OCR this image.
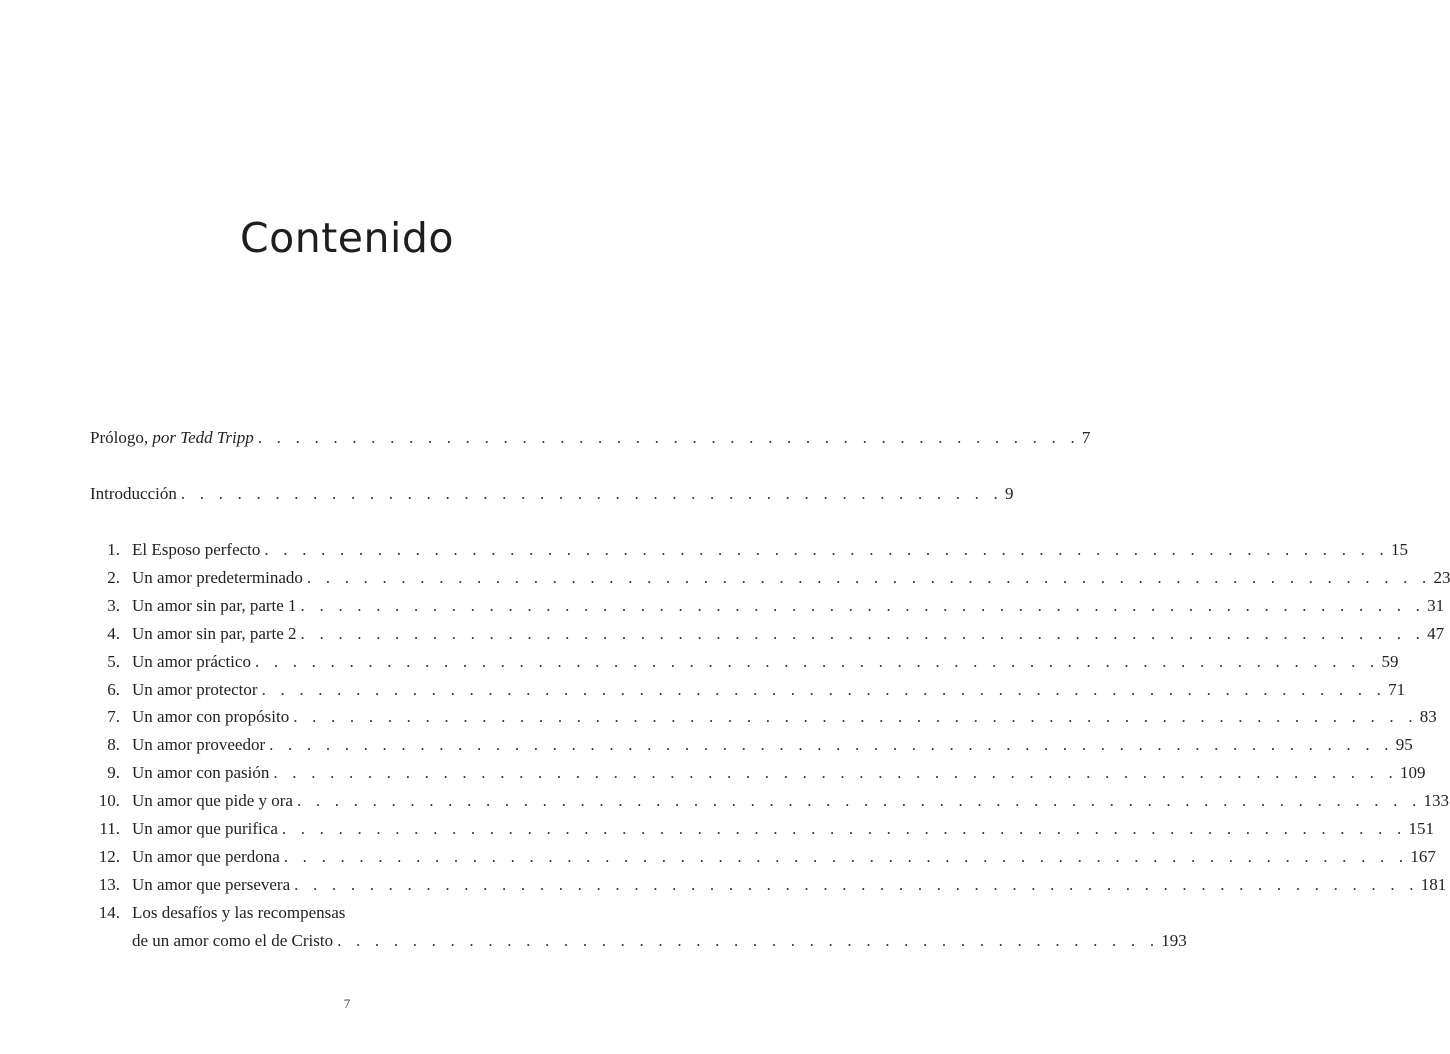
Contenido
Prólogo, por Tedd Tripp . . . . . . . . . . . . . . . . . . . . . . . . . . . . . . . . . . . . . . . . . . . . 7
Introducción . . . . . . . . . . . . . . . . . . . . . . . . . . . . . . . . . . . . . . . . . . . . 9
1. El Esposo perfecto . . . . . . . . . . . . . . . . . . . . . . . . . . . . . . . . . . . . . . . . . . . . . . . . . . . . . . . . . . . . 15
2. Un amor predeterminado . . . . . . . . . . . . . . . . . . . . . . . . . . . . . . . . . . . . . . . . . . . . . . . . . . . . . . . . . . . . 23
3. Un amor sin par, parte 1 . . . . . . . . . . . . . . . . . . . . . . . . . . . . . . . . . . . . . . . . . . . . . . . . . . . . . . . . . . . . 31
4. Un amor sin par, parte 2 . . . . . . . . . . . . . . . . . . . . . . . . . . . . . . . . . . . . . . . . . . . . . . . . . . . . . . . . . . . . 47
5. Un amor práctico . . . . . . . . . . . . . . . . . . . . . . . . . . . . . . . . . . . . . . . . . . . . . . . . . . . . . . . . . . . . 59
6. Un amor protector . . . . . . . . . . . . . . . . . . . . . . . . . . . . . . . . . . . . . . . . . . . . . . . . . . . . . . . . . . . . 71
7. Un amor con propósito . . . . . . . . . . . . . . . . . . . . . . . . . . . . . . . . . . . . . . . . . . . . . . . . . . . . . . . . . . . . 83
8. Un amor proveedor . . . . . . . . . . . . . . . . . . . . . . . . . . . . . . . . . . . . . . . . . . . . . . . . . . . . . . . . . . . . 95
9. Un amor con pasión . . . . . . . . . . . . . . . . . . . . . . . . . . . . . . . . . . . . . . . . . . . . . . . . . . . . . . . . . . . . 109
10. Un amor que pide y ora . . . . . . . . . . . . . . . . . . . . . . . . . . . . . . . . . . . . . . . . . . . . . . . . . . . . . . . . . . . . 133
11. Un amor que purifica . . . . . . . . . . . . . . . . . . . . . . . . . . . . . . . . . . . . . . . . . . . . . . . . . . . . . . . . . . . . 151
12. Un amor que perdona . . . . . . . . . . . . . . . . . . . . . . . . . . . . . . . . . . . . . . . . . . . . . . . . . . . . . . . . . . . . 167
13. Un amor que persevera . . . . . . . . . . . . . . . . . . . . . . . . . . . . . . . . . . . . . . . . . . . . . . . . . . . . . . . . . . . . 181
14. Los desafíos y las recompensas
de un amor como el de Cristo . . . . . . . . . . . . . . . . . . . . . . . . . . . . . . . . . . . . . . . . . . . . 193
7
